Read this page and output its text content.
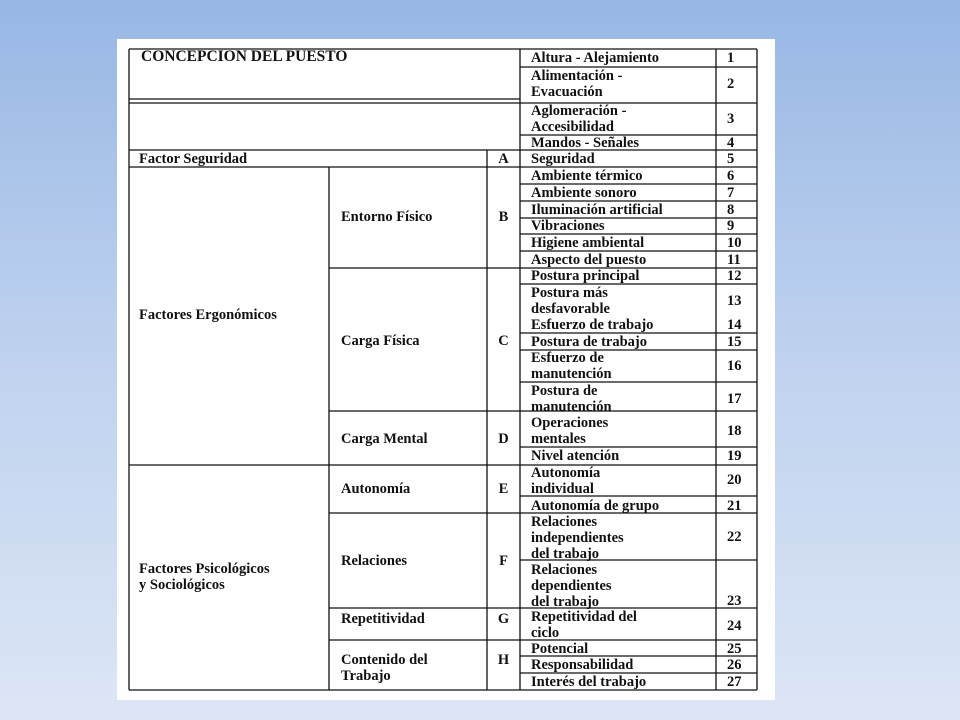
CONCEPCION DEL PUESTO
Factor Seguridad
Factores Ergonómicos
Factores Psicológicos
y Sociológicos
Entorno Físico
Carga Física
Carga Mental
Autonomía
Relaciones
Repetitividad
Contenido del
Trabajo
A
B
C
D
E
F
G
H
Altura - Alejamiento
Alimentación -
Evacuación
Aglomeración -
Accesibilidad
Mandos - Señales
Seguridad
Ambiente térmico
Ambiente sonoro
Iluminación artificial
Vibraciones
Higiene ambiental
Aspecto del puesto
Postura principal
Postura más
desfavorable
Esfuerzo de trabajo
Postura de trabajo
Esfuerzo de
manutención
Postura de
manutención
Operaciones
mentales
Nivel atención
Autonomía
individual
Autonomía de grupo
Relaciones
independientes
del trabajo
Relaciones
dependientes
del trabajo
Repetitividad del
ciclo
Potencial
Responsabilidad
Interés del trabajo
1
2
3
4
5
6
7
8
9
10
11
12
13
14
15
16
17
18
19
20
21
22
23
24
25
26
27
